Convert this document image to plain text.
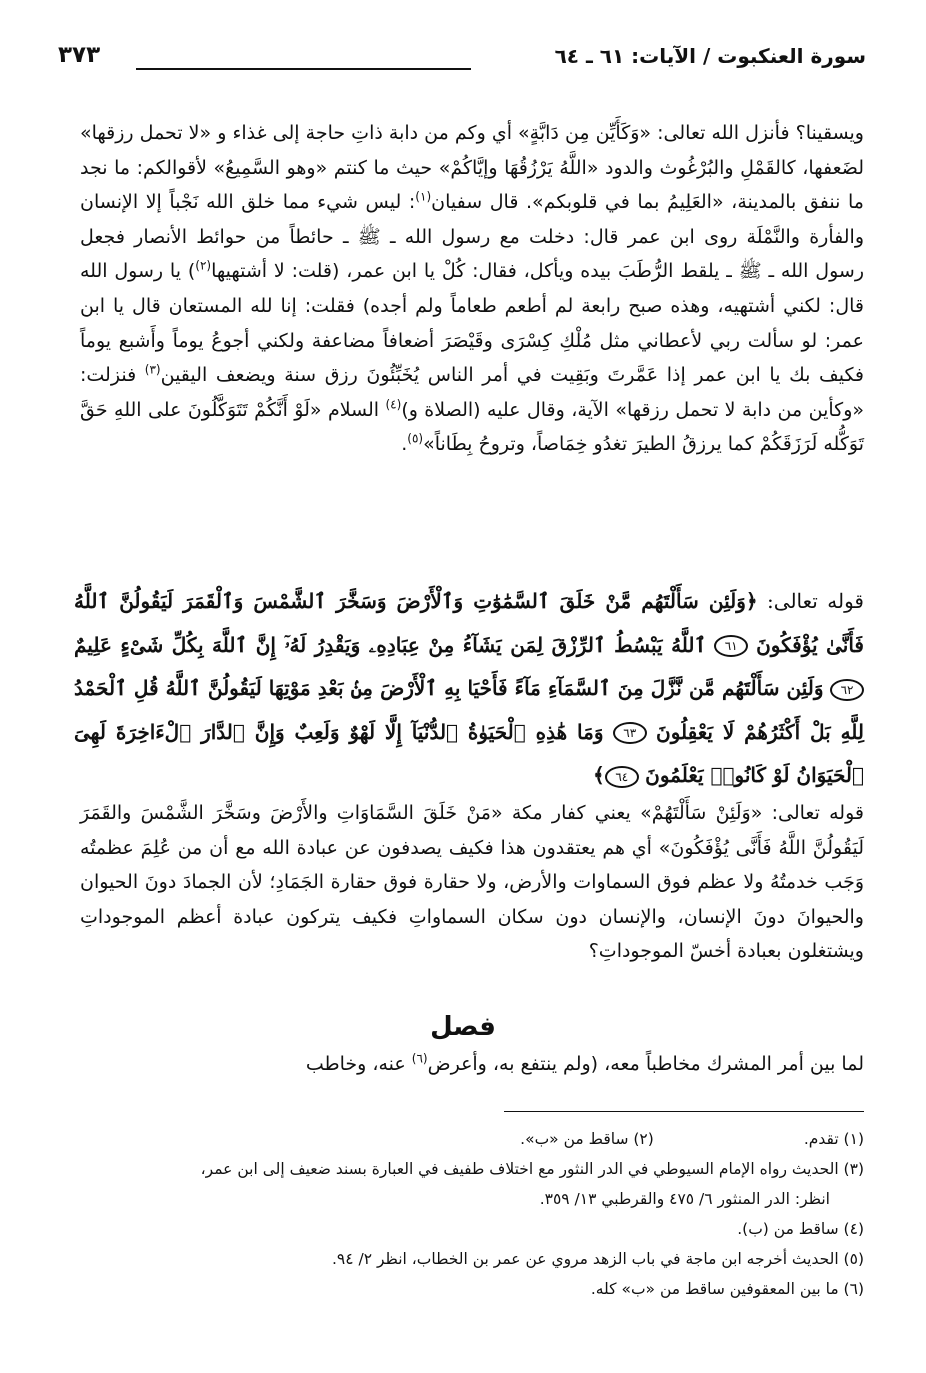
سورة العنكبوت / الآيات: ٦١ ـ ٦٤
٣٧٣

ويسقينا؟ فأنزل الله تعالى: «وَكَأَيِّن مِن دَابَّةٍ» أي وكم من دابة ذاتِ حاجة إلى غذاء و «لا تحمل رزقها» لضَعفها، كالقَمْلِ والبُرْغُوث والدود «اللَّهُ يَرْزُقُهَا وإيَّاكُمْ» حيث ما كنتم «وهو السَّمِيعُ» لأقوالكم: ما نجد ما ننفق بالمدينة، «العَلِيمُ بما في قلوبكم». قال سفيان$^{(١)}$: ليس شيء مما خلق الله نَجْباً إلا الإنسان والفأرة والنَّمْلَة روى ابن عمر قال: دخلت مع رسول الله ـ ﷺ ـ حائطاً من حوائط الأنصار فجعل رسول الله ـ ﷺ ـ يلقط الرُّطَبَ بيده ويأكل، فقال: كُلْ يا ابن عمر، (قلت: لا أشتهيها$^{(٢)}$) يا رسول الله قال: لكني أشتهيه، وهذه صبح رابعة لم أطعم طعاماً ولم أجده) فقلت: إنا لله المستعان قال يا ابن عمر: لو سألت ربي لأعطاني مثل مُلْكِ كِسْرَى وقَيْصَرَ أضعافاً مضاعفة ولكني أجوعُ يوماً وأَشبع يوماً فكيف بك يا ابن عمر إذا عَمَّرتَ وبَقِيت في أمر الناس يُخَبِّئُونَ رزق سنة ويضعف اليقين$^{(٣)}$ فنزلت: «وكأين من دابة لا تحمل رزقها» الآية، وقال عليه (الصلاة و)$^{(٤)}$ السلام «لَوْ أَنَّكُمْ تَتَوَكَّلُونَ على اللهِ حَقَّ تَوَكُّله لَرَزَقَكُمْ كما يرزقُ الطيرَ تغدُو خِمَاصاً، وتروحُ بِطَاناً»$^{(٥)}$.

قوله تعالى: ﴿وَلَئِن سَأَلْتَهُم مَّنْ خَلَقَ ٱلسَّمَٰوَٰتِ وَٱلْأَرْضَ وَسَخَّرَ ٱلشَّمْسَ وَٱلْقَمَرَ لَيَقُولُنَّ ٱللَّهُ فَأَنَّىٰ يُؤْفَكُونَ ٦١ ٱللَّهُ يَبْسُطُ ٱلرِّزْقَ لِمَن يَشَآءُ مِنْ عِبَادِهِۦ وَيَقْدِرُ لَهُۥٓ إِنَّ ٱللَّهَ بِكُلِّ شَىْءٍ عَلِيمٌ ٦٢ وَلَئِن سَأَلْتَهُم مَّن نَّزَّلَ مِنَ ٱلسَّمَآءِ مَآءً فَأَحْيَا بِهِ ٱلْأَرْضَ مِنۢ بَعْدِ مَوْتِهَا لَيَقُولُنَّ ٱللَّهُ قُلِ ٱلْحَمْدُ لِلَّهِ بَلْ أَكْثَرُهُمْ لَا يَعْقِلُونَ ٦٣ وَمَا هَٰذِهِ ٱلْحَيَوٰةُ ٱلدُّنْيَآ إِلَّا لَهْوٌ وَلَعِبٌ وَإِنَّ ٱلدَّارَ ٱلْءَاخِرَةَ لَهِىَ ٱلْحَيَوَانُ لَوْ كَانُوا۟ يَعْلَمُونَ ٦٤﴾
قوله تعالى: «وَلَئِنْ سَأَلْتَهُمْ» يعني كفار مكة «مَنْ خَلَقَ السَّمَاوَاتِ والأَرْضَ وسَخَّرَ الشَّمْسَ والقَمَرَ لَيَقُولُنَّ اللَّهُ فَأَنَّى يُؤْفَكُونَ» أي هم يعتقدون هذا فكيف يصدفون عن عبادة الله مع أن من عُلِمَ عظمتُه وَجَب خدمتُهُ ولا عظم فوق السماوات والأرض، ولا حقارة فوق حقارة الجَمَادِ؛ لأن الجمادَ دونَ الحيوان والحيوانَ دونَ الإنسان، والإنسان دون سكان السماواتِ فكيف يتركون عبادة أعظم الموجوداتِ ويشتغلون بعبادة أخسّ الموجوداتِ؟
فصل
لما بين أمر المشرك مخاطباً معه، (ولم ينتفع به، وأعرض$^{(٦)}$ عنه، وخاطب

(١) تقدم.

(٢) ساقط من «ب».

(٣) الحديث رواه الإمام السيوطي في الدر النثور مع اختلاف طفيف في العبارة بسند ضعيف إلى ابن عمر،
انظر: الدر المنثور ٦/ ٤٧٥ والقرطبي ١٣/ ٣٥٩.

(٤) ساقط من (ب).

(٥) الحديث أخرجه ابن ماجة في باب الزهد مروي عن عمر بن الخطاب، انظر ٢/ ٩٤.

(٦) ما بين المعقوفين ساقط من «ب» كله.
